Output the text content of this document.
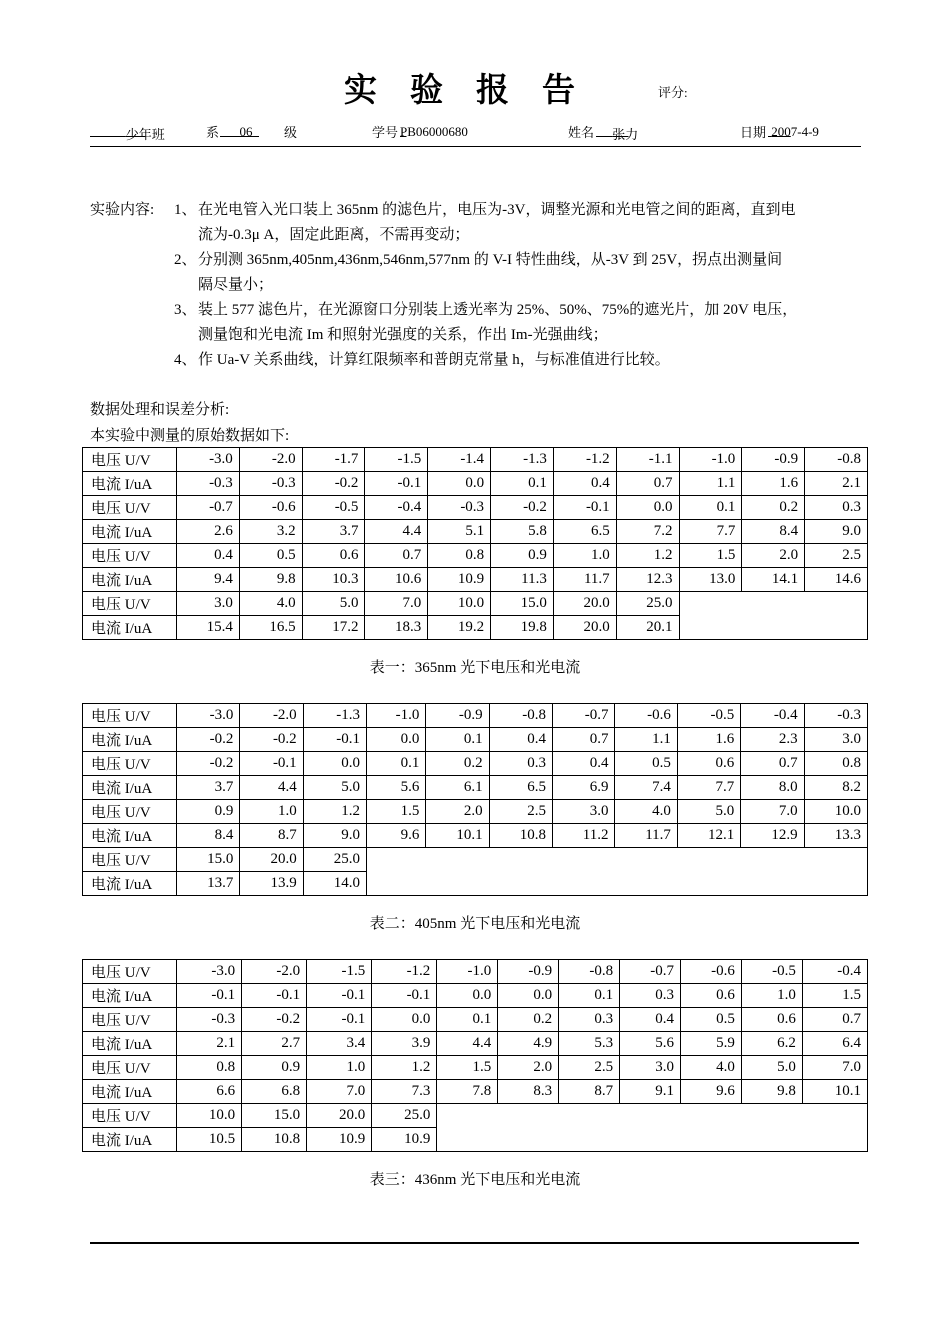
实 验 报 告	评分:

少年班
	系
06
级	学号 PB06000680
	姓名
张力
	日期
2007-4-9

实验内容: 1、 在光电管入光口装上 365nm 的滤色片，电压为-3V，调整光源和光电管之间的距离，直到电
流为-0.3μ A，固定此距离，不需再变动；
2、 分别测 365nm,405nm,436nm,546nm,577nm 的 V-I 特性曲线，从-3V 到 25V，拐点出测量间
隔尽量小；
3、 装上 577 滤色片，在光源窗口分别装上透光率为 25%、50%、75%的遮光片，加 20V 电压，
测量饱和光电流 Im 和照射光强度的关系，作出 Im-光强曲线；
4、 作 Ua-V 关系曲线，计算红限频率和普朗克常量 h，与标准值进行比较。
数据处理和误差分析:
本实验中测量的原始数据如下:
电压 U/V	-3.0	-2.0	-1.7	-1.5	-1.4	-1.3	-1.2	-1.1	-1.0	-0.9	-0.8
电流 I/uA	-0.3	-0.3	-0.2	-0.1	0.0	0.1	0.4	0.7	1.1	1.6	2.1
电压 U/V	-0.7	-0.6	-0.5	-0.4	-0.3	-0.2	-0.1	0.0	0.1	0.2	0.3
电流 I/uA	2.6	3.2	3.7	4.4	5.1	5.8	6.5	7.2	7.7	8.4	9.0
电压 U/V	0.4	0.5	0.6	0.7	0.8	0.9	1.0	1.2	1.5	2.0	2.5
电流 I/uA	9.4	9.8	10.3	10.6	10.9	11.3	11.7	12.3	13.0	14.1	14.6
电压 U/V	3.0	4.0	5.0	7.0	10.0	15.0	20.0	25.0			
电流 I/uA	15.4	16.5	17.2	18.3	19.2	19.8	20.0	20.1			
表一：365nm 光下电压和光电流
电压 U/V	-3.0	-2.0	-1.3	-1.0	-0.9	-0.8	-0.7	-0.6	-0.5	-0.4	-0.3
电流 I/uA	-0.2	-0.2	-0.1	0.0	0.1	0.4	0.7	1.1	1.6	2.3	3.0
电压 U/V	-0.2	-0.1	0.0	0.1	0.2	0.3	0.4	0.5	0.6	0.7	0.8
电流 I/uA	3.7	4.4	5.0	5.6	6.1	6.5	6.9	7.4	7.7	8.0	8.2
电压 U/V	0.9	1.0	1.2	1.5	2.0	2.5	3.0	4.0	5.0	7.0	10.0
电流 I/uA	8.4	8.7	9.0	9.6	10.1	10.8	11.2	11.7	12.1	12.9	13.3
电压 U/V	15.0	20.0	25.0								
电流 I/uA	13.7	13.9	14.0								
表二：405nm 光下电压和光电流
电压 U/V	-3.0	-2.0	-1.5	-1.2	-1.0	-0.9	-0.8	-0.7	-0.6	-0.5	-0.4
电流 I/uA	-0.1	-0.1	-0.1	-0.1	0.0	0.0	0.1	0.3	0.6	1.0	1.5
电压 U/V	-0.3	-0.2	-0.1	0.0	0.1	0.2	0.3	0.4	0.5	0.6	0.7
电流 I/uA	2.1	2.7	3.4	3.9	4.4	4.9	5.3	5.6	5.9	6.2	6.4
电压 U/V	0.8	0.9	1.0	1.2	1.5	2.0	2.5	3.0	4.0	5.0	7.0
电流 I/uA	6.6	6.8	7.0	7.3	7.8	8.3	8.7	9.1	9.6	9.8	10.1
电压 U/V	10.0	15.0	20.0	25.0							
电流 I/uA	10.5	10.8	10.9	10.9							
表三：436nm 光下电压和光电流
